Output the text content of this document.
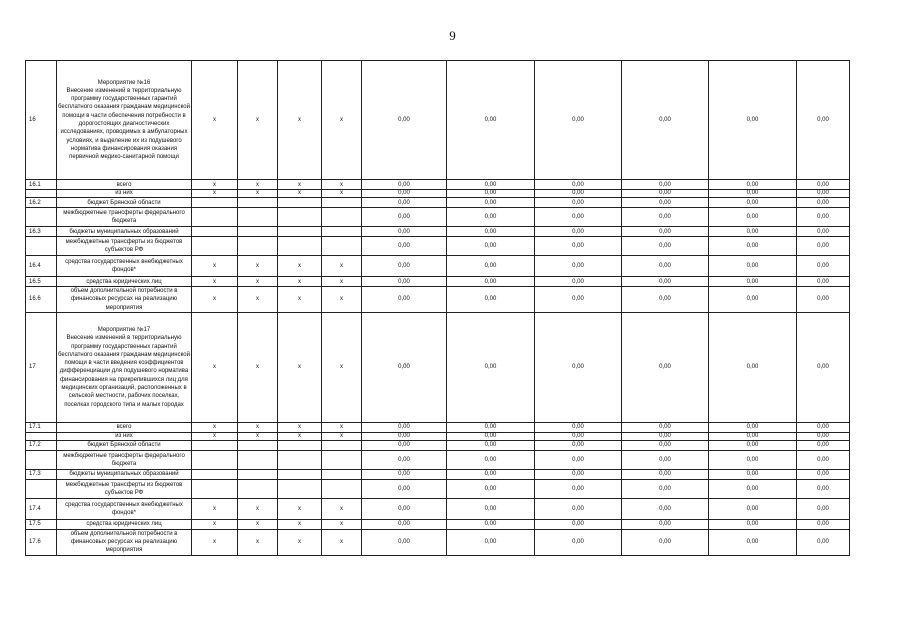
9
16	Мероприятие №16
Внесение изменений в территориальную программу государственных гарантий бесплатного оказания гражданам медицинской помощи в части обеспечения потребности в дорогостоящих диагностических исследованиях, проводимых в амбулаторных условиях, и выделение их из подушевого норматива финансирования оказания первичной медико-санитарной помощи	x	x	x	x	0,00	0,00	0,00	0,00	0,00	0,00
16.1	всего	x	x	x	x	0,00	0,00	0,00	0,00	0,00	0,00
	из них	x	x	x	x	0,00	0,00	0,00	0,00	0,00	0,00
16.2	бюджет Брянской области					0,00	0,00	0,00	0,00	0,00	0,00
	межбюджетные трансферты федерального бюджета					0,00	0,00	0,00	0,00	0,00	0,00
16.3	бюджеты муниципальных образований					0,00	0,00	0,00	0,00	0,00	0,00
	межбюджетные трансферты из бюджетов субъектов РФ					0,00	0,00	0,00	0,00	0,00	0,00
16.4	средства государственных внебюджетных фондов*	x	x	x	x	0,00	0,00	0,00	0,00	0,00	0,00
16.5	средства юридических лиц	x	x	x	x	0,00	0,00	0,00	0,00	0,00	0,00
16.6	объем дополнительной потребности в финансовых ресурсах на реализацию мероприятия	x	x	x	x	0,00	0,00	0,00	0,00	0,00	0,00
17	Мероприятие №17
Внесение изменений в территориальную программу государственных гарантий бесплатного оказания гражданам медицинской помощи в части введения коэффициентов дифференциации для подушевого норматива финансирования на прикрепившихся лиц для медицинских организаций, расположенных в сельской местности, рабочих поселках, поселках городского типа и малых городах	x	x	x	x	0,00	0,00	0,00	0,00	0,00	0,00
17.1	всего	x	x	x	x	0,00	0,00	0,00	0,00	0,00	0,00
	из них	x	x	x	x	0,00	0,00	0,00	0,00	0,00	0,00
17.2	бюджет Брянской области					0,00	0,00	0,00	0,00	0,00	0,00
	межбюджетные трансферты федерального бюджета					0,00	0,00	0,00	0,00	0,00	0,00
17.3	бюджеты муниципальных образований					0,00	0,00	0,00	0,00	0,00	0,00
	межбюджетные трансферты из бюджетов субъектов РФ					0,00	0,00	0,00	0,00	0,00	0,00
17.4	средства государственных внебюджетных фондов*	x	x	x	x	0,00	0,00	0,00	0,00	0,00	0,00
17.5	средства юридических лиц	x	x	x	x	0,00	0,00	0,00	0,00	0,00	0,00
17.6	объем дополнительной потребности в финансовых ресурсах на реализацию мероприятия	x	x	x	x	0,00	0,00	0,00	0,00	0,00	0,00
